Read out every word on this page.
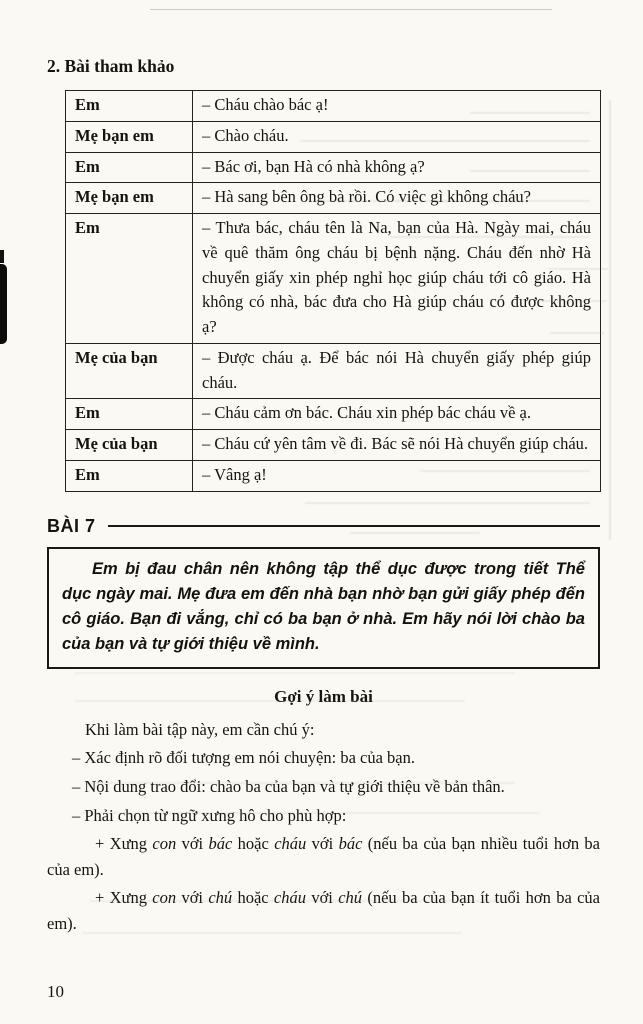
2. Bài tham khảo
Em	– Cháu chào bác ạ!
Mẹ bạn em	– Chào cháu.
Em	– Bác ơi, bạn Hà có nhà không ạ?
Mẹ bạn em	– Hà sang bên ông bà rồi. Có việc gì không cháu?
Em	– Thưa bác, cháu tên là Na, bạn của Hà. Ngày mai, cháu về quê thăm ông cháu bị bệnh nặng. Cháu đến nhờ Hà chuyển giấy xin phép nghỉ học giúp cháu tới cô giáo. Hà không có nhà, bác đưa cho Hà giúp cháu có được không ạ?
Mẹ của bạn	– Được cháu ạ. Để bác nói Hà chuyển giấy phép giúp cháu.
Em	– Cháu cảm ơn bác. Cháu xin phép bác cháu về ạ.
Mẹ của bạn	– Cháu cứ yên tâm về đi. Bác sẽ nói Hà chuyển giúp cháu.
Em	– Vâng ạ!
BÀI 7

Em bị đau chân nên không tập thể dục được trong tiết Thể dục ngày mai. Mẹ đưa em đến nhà bạn nhờ bạn gửi giấy phép đến cô giáo. Bạn đi vắng, chỉ có ba bạn ở nhà. Em hãy nói lời chào ba của bạn và tự giới thiệu về mình.

Gợi ý làm bài

Khi làm bài tập này, em cần chú ý:

– Xác định rõ đối tượng em nói chuyện: ba của bạn.

– Nội dung trao đổi: chào ba của bạn và tự giới thiệu về bản thân.

– Phải chọn từ ngữ xưng hô cho phù hợp:

+ Xưng con với bác hoặc cháu với bác (nếu ba của bạn nhiều tuổi hơn ba của em).

+ Xưng con với chú hoặc cháu với chú (nếu ba của bạn ít tuổi hơn ba của em).

10
